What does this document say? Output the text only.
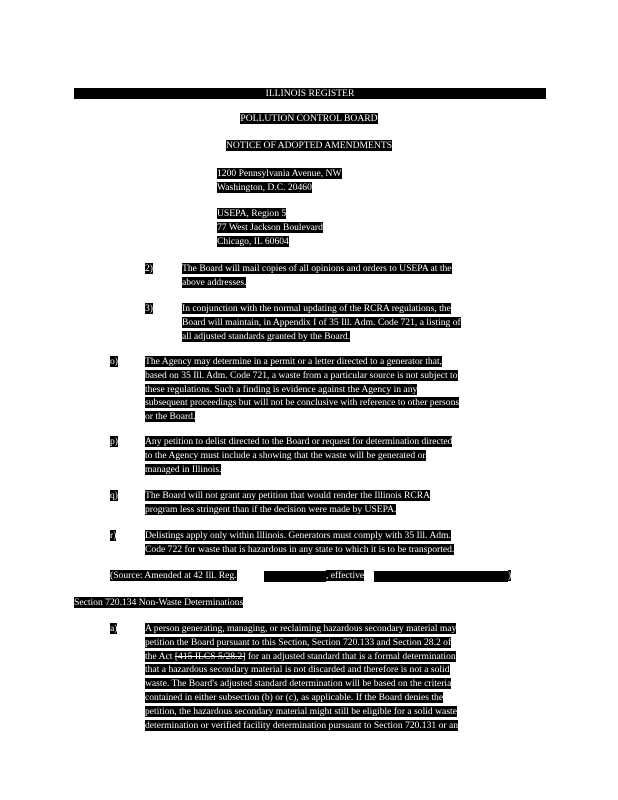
ILLINOIS REGISTER
POLLUTION CONTROL BOARD
NOTICE OF ADOPTED AMENDMENTS
1200 Pennsylvania Avenue, NW
Washington, D.C. 20460
USEPA, Region 5
77 West Jackson Boulevard
Chicago, IL 60604
2)	The Board will mail copies of all opinions and orders to USEPA at the
above addresses.
3)	In conjunction with the normal updating of the RCRA regulations, the
Board will maintain, in Appendix I of 35 Ill. Adm. Code 721, a listing of
all adjusted standards granted by the Board.
o)	The Agency may determine in a permit or a letter directed to a generator that,
based on 35 Ill. Adm. Code 721, a waste from a particular source is not subject to
these regulations. Such a finding is evidence against the Agency in any
subsequent proceedings but will not be conclusive with reference to other persons
or the Board.
p)	Any petition to delist directed to the Board or request for determination directed
to the Agency must include a showing that the waste will be generated or
managed in Illinois.
q)	The Board will not grant any petition that would render the Illinois RCRA
program less stringent than if the decision were made by USEPA.
r)	Delistings apply only within Illinois. Generators must comply with 35 Ill. Adm.
Code 722 for waste that is hazardous in any state to which it is to be transported.
(Source: Amended at 42 Ill. Reg.	, effective	)
Section 720.134 Non-Waste Determinations
a)	A person generating, managing, or reclaiming hazardous secondary material may
petition the Board pursuant to this Section, Section 720.133 and Section 28.2 of
the Act [415 ILCS 5/28.2] for an adjusted standard that is a formal determination
that a hazardous secondary material is not discarded and therefore is not a solid
waste. The Board's adjusted standard determination will be based on the criteria
contained in either subsection (b) or (c), as applicable. If the Board denies the
petition, the hazardous secondary material might still be eligible for a solid waste
determination or verified facility determination pursuant to Section 720.131 or an
